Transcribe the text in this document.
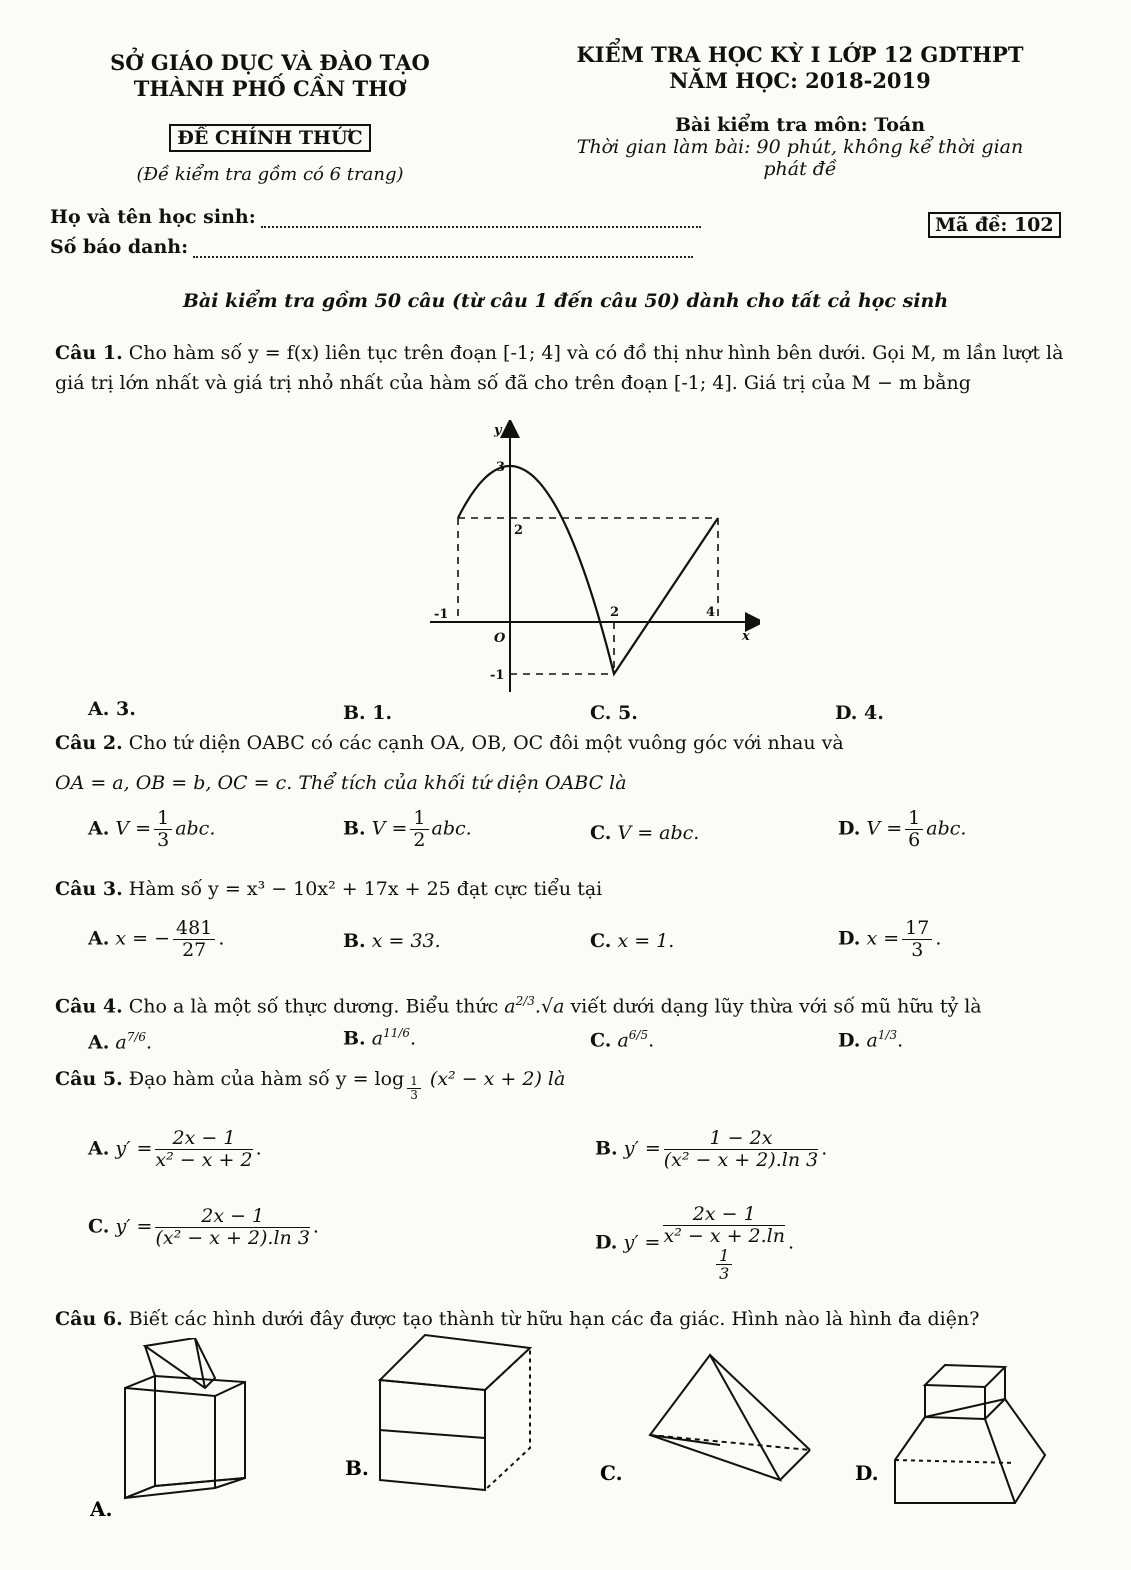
SỞ GIÁO DỤC VÀ ĐÀO TẠO
THÀNH PHỐ CẦN THƠ
ĐỀ CHÍNH THỨC
(Đề kiểm tra gồm có 6 trang)
KIỂM TRA HỌC KỲ I LỚP 12 GDTHPT
NĂM HỌC: 2018-2019
Bài kiểm tra môn: Toán
Thời gian làm bài: 90 phút, không kể thời gian phát đề
Họ và tên học sinh:
Số báo danh:
Mã đề: 102
Bài kiểm tra gồm 50 câu (từ câu 1 đến câu 50) dành cho tất cả học sinh
Câu 1. Cho hàm số y = f(x) liên tục trên đoạn [-1; 4] và có đồ thị như hình bên dưới. Gọi M, m lần lượt là
giá trị lớn nhất và giá trị nhỏ nhất của hàm số đã cho trên đoạn [-1; 4]. Giá trị của M − m bằng
-1	2	4
3
2
-1
O	x
y
A. 3.	B. 1.	C. 5.	D. 4.
Câu 2. Cho tứ diện OABC có các cạnh OA, OB, OC đôi một vuông góc với nhau và
OA = a, OB = b, OC = c. Thể tích của khối tứ diện OABC là
A. $V = \frac{1}{3}$ abc.	B. $V = \frac{1}{2}$ abc.	C. V = abc.	D. $V = \frac{1}{6}$ abc.
Câu 3. Hàm số y = x³ − 10x² + 17x + 25 đạt cực tiểu tại
A. x = − $\frac{481}{27}$ .	B. x = 33.	C. x = 1.	D. $x = \frac{17}{3}$ .
Câu 4. Cho a là một số thực dương. Biểu thức $a^{2/3}.√a$ viết dưới dạng lũy thừa với số mũ hữu tỷ là
A. $a^{7/6}$.	B. $a^{11/6}$.	C. $a^{6/5}$.	D. $a^{1/3}$.
Câu 5. Đạo hàm của hàm số $y = \log \frac{1}{3} (x^2 - x + 2)$ là
A. $y' = \frac{2x - 1}{\text{x² − x + 2}}$ .	B. $y' = \frac{1 - 2x}{\text{(x² − x + 2).ln 3}}$ .
C. $y' = \frac{2x - 1}{\text{(x² − x + 2).ln 3}}$ .
D. y′ = 2x − 1
x² − x + 2.ln
$\frac{1}{3}$ .
Câu 6. Biết các hình dưới đây được tạo thành từ hữu hạn các đa giác. Hình nào là hình đa diện?
A.
B.	C.	D.
